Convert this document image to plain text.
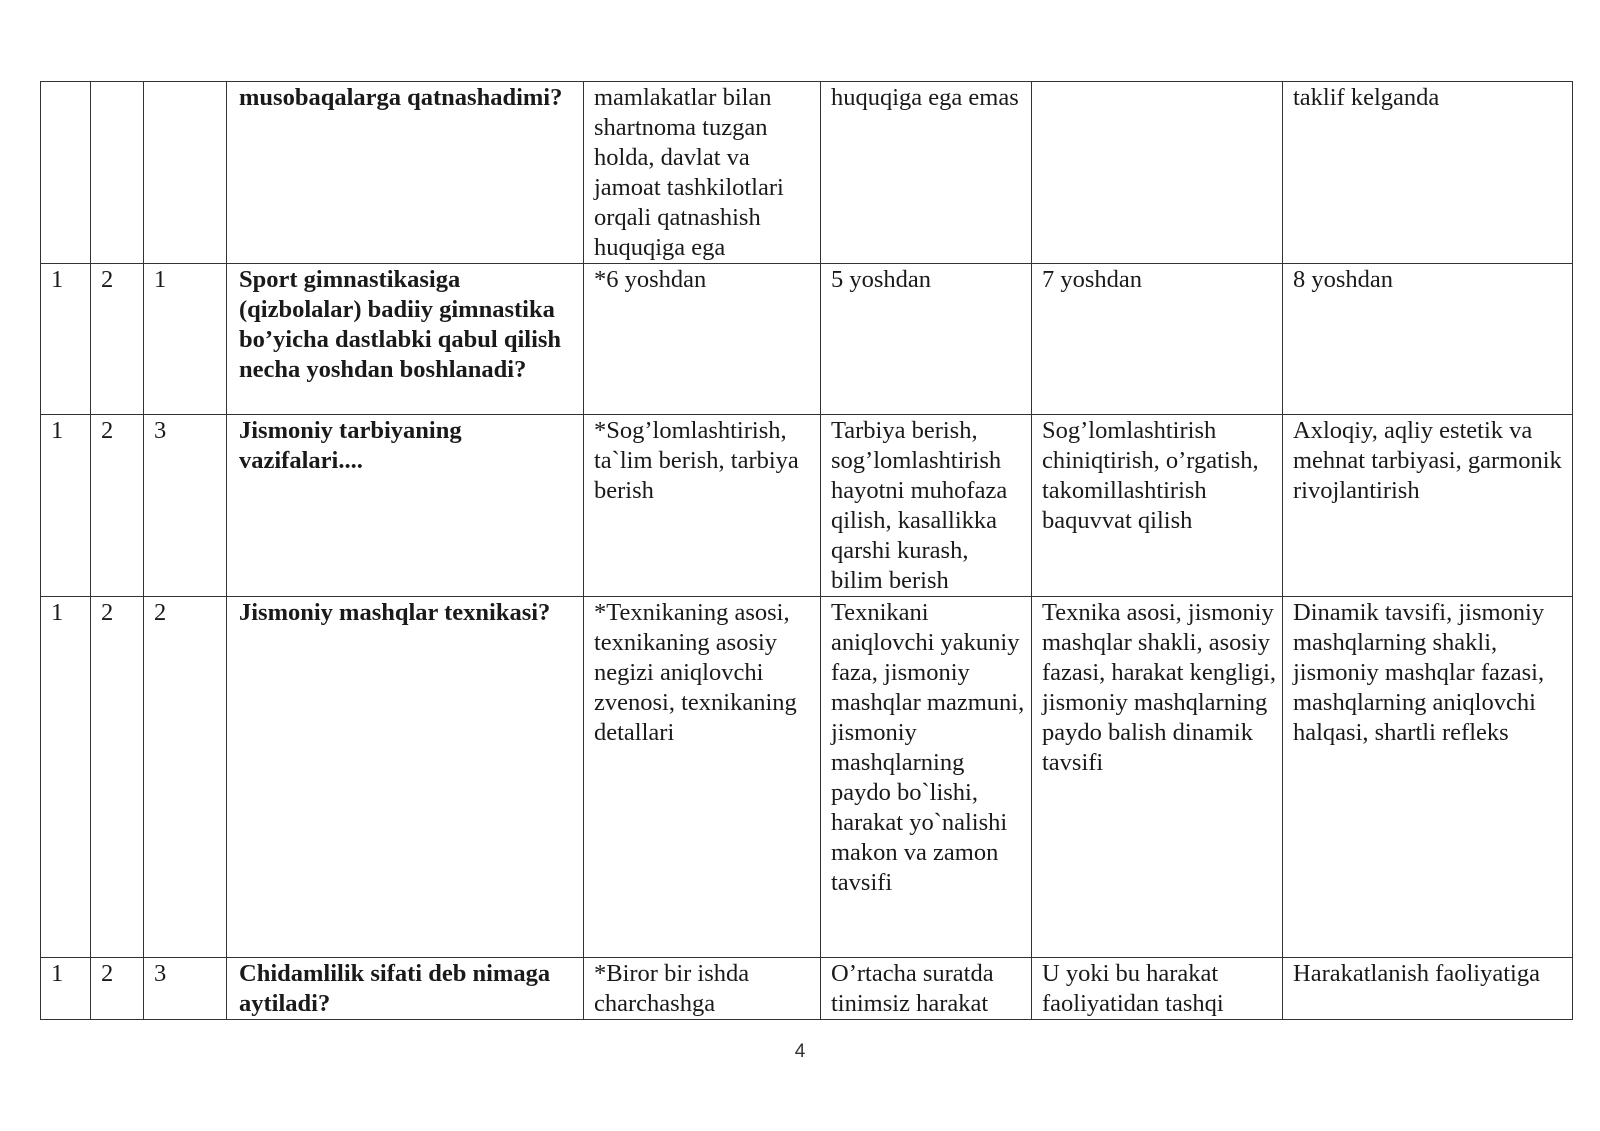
			musobaqalarga qatnashadimi?	mamlakatlar bilan shartnoma tuzgan holda, davlat va jamoat tashkilotlari orqali qatnashish huquqiga ega	huquqiga ega emas		taklif kelganda
1	2	1	Sport gimnastikasiga (qizbolalar) badiiy gimnastika bo’yicha dastlabki qabul qilish necha yoshdan boshlanadi?	*6 yoshdan	5 yoshdan	7 yoshdan	8 yoshdan
1	2	3	Jismoniy tarbiyaning vazifalari....	*Sog’lomlashtirish, ta`lim berish, tarbiya berish	Tarbiya berish, sog’lomlashtirish hayotni muhofaza qilish, kasallikka qarshi kurash, bilim berish	Sog’lomlashtirish chiniqtirish, o’rgatish, takomillashtirish baquvvat qilish	Axloqiy, aqliy estetik va mehnat tarbiyasi, garmonik rivojlantirish
1	2	2	Jismoniy mashqlar texnikasi?	*Texnikaning asosi, texnikaning asosiy negizi aniqlovchi zvenosi, texnikaning detallari	Texnikani aniqlovchi yakuniy faza, jismoniy mashqlar mazmuni, jismoniy mashqlarning paydo bo`lishi, harakat yo`nalishi makon va zamon tavsifi	Texnika asosi, jismoniy mashqlar shakli, asosiy fazasi, harakat kengligi, jismoniy mashqlarning paydo balish dinamik tavsifi	Dinamik tavsifi, jismoniy mashqlarning shakli, jismoniy mashqlar fazasi, mashqlarning aniqlovchi halqasi, shartli refleks
1	2	3	Chidamlilik sifati deb nimaga aytiladi?	*Biror bir ishda charchashga	O’rtacha suratda tinimsiz harakat	U yoki bu harakat faoliyatidan tashqi	Harakatlanish faoliyatiga
4
